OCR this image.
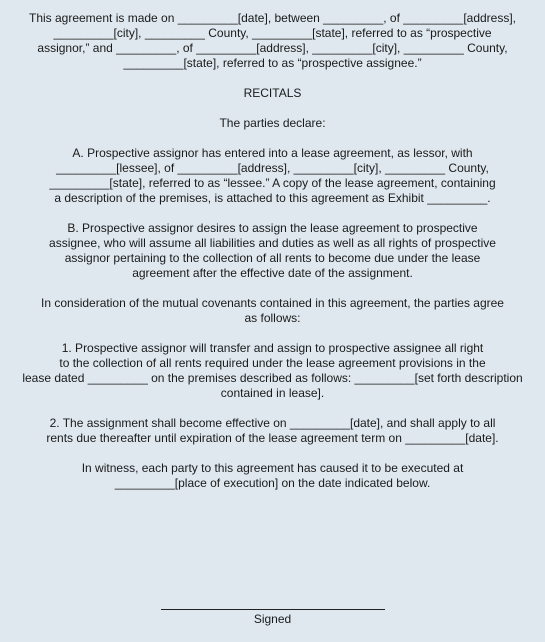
This agreement is made on _________[date], between _________, of _________[address],
_________[city], _________ County, _________[state], referred to as “prospective
assignor,” and _________, of _________[address], _________[city], _________ County,
_________[state], referred to as “prospective assignee.”
RECITALS
The parties declare:
A. Prospective assignor has entered into a lease agreement, as lessor, with
_________[lessee], of _________[address], _________[city], _________ County,
_________[state], referred to as “lessee.” A copy of the lease agreement, containing
a description of the premises, is attached to this agreement as Exhibit _________.
B. Prospective assignor desires to assign the lease agreement to prospective
assignee, who will assume all liabilities and duties as well as all rights of prospective
assignor pertaining to the collection of all rents to become due under the lease
agreement after the effective date of the assignment.
In consideration of the mutual covenants contained in this agreement, the parties agree
as follows:
1. Prospective assignor will transfer and assign to prospective assignee all right
to the collection of all rents required under the lease agreement provisions in the
lease dated _________ on the premises described as follows: _________[set forth description
contained in lease].
2. The assignment shall become effective on _________[date], and shall apply to all
rents due thereafter until expiration of the lease agreement term on _________[date].
In witness, each party to this agreement has caused it to be executed at
_________[place of execution] on the date indicated below.
Signed
